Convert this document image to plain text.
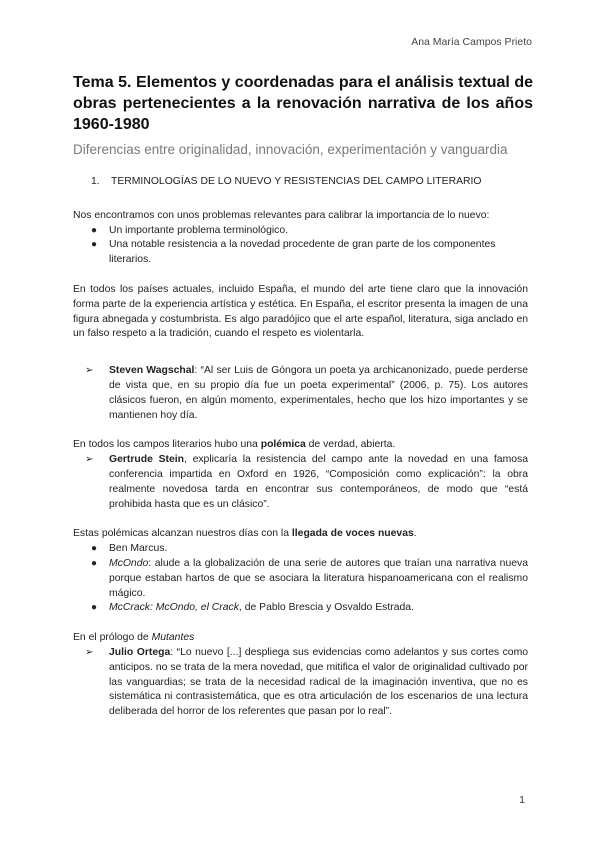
Ana María Campos Prieto
Tema 5. Elementos y coordenadas para el análisis textual de obras pertenecientes a la renovación narrativa de los años 1960-1980

Diferencias entre originalidad, innovación, experimentación y vanguardia

1. TERMINOLOGÍAS DE LO NUEVO Y RESISTENCIAS DEL CAMPO LITERARIO

Nos encontramos con unos problemas relevantes para calibrar la importancia de lo nuevo:

● Un importante problema terminológico.
● Una notable resistencia a la novedad procedente de gran parte de los componentes literarios.

En todos los países actuales, incluido España, el mundo del arte tiene claro que la innovación forma parte de la experiencia artística y estética. En España, el escritor presenta la imagen de una figura abnegada y costumbrista. Es algo paradójico que el arte español, literatura, siga anclado en un falso respeto a la tradición, cuando el respeto es violentarla.

➢ Steven Wagschal: “Al ser Luis de Góngora un poeta ya archicanonizado, puede perderse de vista que, en su propio día fue un poeta experimental” (2006, p. 75). Los autores clásicos fueron, en algún momento, experimentales, hecho que los hizo importantes y se mantienen hoy día.

En todos los campos literarios hubo una polémica de verdad, abierta.

➢ Gertrude Stein, explicaría la resistencia del campo ante la novedad en una famosa conferencia impartida en Oxford en 1926, “Composición como explicación”: la obra realmente novedosa tarda en encontrar sus contemporáneos, de modo que “está prohibida hasta que es un clásico”.

Estas polémicas alcanzan nuestros días con la llegada de voces nuevas.

● Ben Marcus.
● McOndo: alude a la globalización de una serie de autores que traían una narrativa nueva porque estaban hartos de que se asociara la literatura hispanoamericana con el realismo mágico.
● McCrack: McOndo, el Crack, de Pablo Brescia y Osvaldo Estrada.

En el prólogo de Mutantes

➢ Julio Ortega: “Lo nuevo [...] despliega sus evidencias como adelantos y sus cortes como anticipos. no se trata de la mera novedad, que mitifica el valor de originalidad cultivado por las vanguardias; se trata de la necesidad radical de la imaginación inventiva, que no es sistemática ni contrasistemática, que es otra articulación de los escenarios de una lectura deliberada del horror de los referentes que pasan por lo real”.
1
